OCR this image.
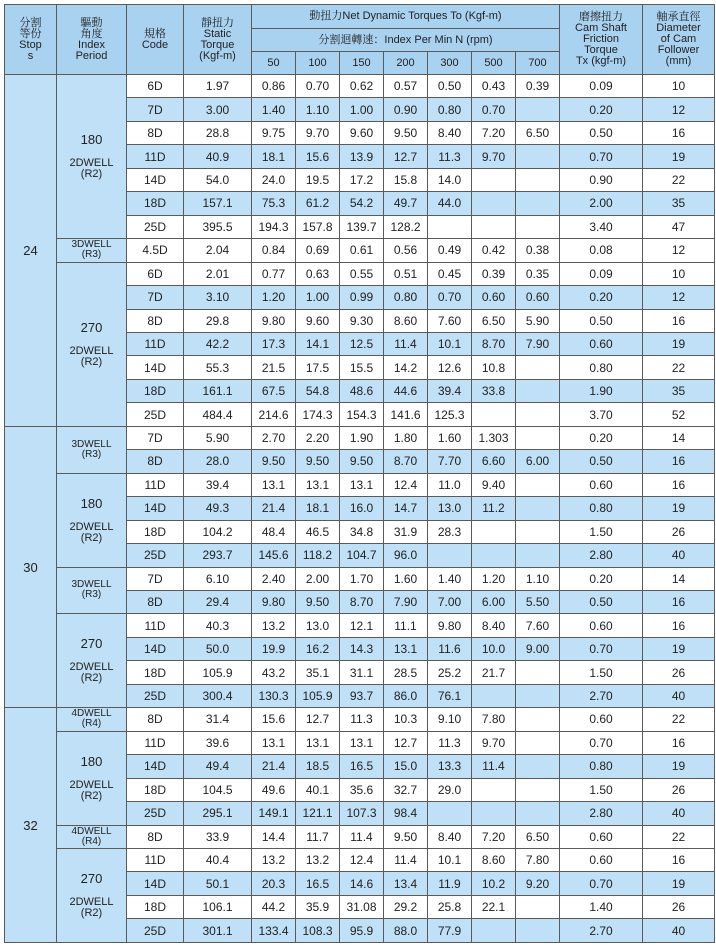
分割
等份
Stop
s	驅動
角度
Index
Period	規格
Code	靜扭力
Static
Torque
(Kgf-m)	動扭力Net Dynamic Torques To (Kgf-m)							磨擦扭力
Cam Shaft
Friction
Torque
Tx (kgf-m)	軸承直徑
Diameter
of Cam
Follower
(mm)

				分割迴轉速：Index Per Min N (rpm)								
				50	100	150	200	300	500	700		
24	180
2DWELL
(R2)	6D	1.97	0.86	0.70	0.62	0.57	0.50	0.43	0.39	0.09	10
		7D	3.00	1.40	1.10	1.00	0.90	0.80	0.70		0.20	12
		8D	28.8	9.75	9.70	9.60	9.50	8.40	7.20	6.50	0.50	16
		11D	40.9	18.1	15.6	13.9	12.7	11.3	9.70		0.70	19
		14D	54.0	24.0	19.5	17.2	15.8	14.0			0.90	22
		18D	157.1	75.3	61.2	54.2	49.7	44.0			2.00	35
		25D	395.5	194.3	157.8	139.7	128.2				3.40	47

	3DWELL
(R3)	4.5D	2.04	0.84	0.69	0.61	0.56	0.49	0.42	0.38	0.08	12

	270
2DWELL
(R2)	6D	2.01	0.77	0.63	0.55	0.51	0.45	0.39	0.35	0.09	10
		7D	3.10	1.20	1.00	0.99	0.80	0.70	0.60	0.60	0.20	12
		8D	29.8	9.80	9.60	9.30	8.60	7.60	6.50	5.90	0.50	16
		11D	42.2	17.3	14.1	12.5	11.4	10.1	8.70	7.90	0.60	19
		14D	55.3	21.5	17.5	15.5	14.2	12.6	10.8		0.80	22
		18D	161.1	67.5	54.8	48.6	44.6	39.4	33.8		1.90	35
		25D	484.4	214.6	174.3	154.3	141.6	125.3			3.70	52
30	3DWELL
(R3)	7D	5.90	2.70	2.20	1.90	1.80	1.60	1.303		0.20	14
		8D	28.0	9.50	9.50	9.50	8.70	7.70	6.60	6.00	0.50	16

	180
2DWELL
(R2)	11D	39.4	13.1	13.1	13.1	12.4	11.0	9.40		0.60	16
		14D	49.3	21.4	18.1	16.0	14.7	13.0	11.2		0.80	19
		18D	104.2	48.4	46.5	34.8	31.9	28.3			1.50	26
		25D	293.7	145.6	118.2	104.7	96.0				2.80	40

	3DWELL
(R3)	7D	6.10	2.40	2.00	1.70	1.60	1.40	1.20	1.10	0.20	14
		8D	29.4	9.80	9.50	8.70	7.90	7.00	6.00	5.50	0.50	16

	270
2DWELL
(R2)	11D	40.3	13.2	13.0	12.1	11.1	9.80	8.40	7.60	0.60	16
		14D	50.0	19.9	16.2	14.3	13.1	11.6	10.0	9.00	0.70	19
		18D	105.9	43.2	35.1	31.1	28.5	25.2	21.7		1.50	26
		25D	300.4	130.3	105.9	93.7	86.0	76.1			2.70	40
32	4DWELL
(R4)	8D	31.4	15.6	12.7	11.3	10.3	9.10	7.80		0.60	22

	180
2DWELL
(R2)	11D	39.6	13.1	13.1	13.1	12.7	11.3	9.70		0.70	16
		14D	49.4	21.4	18.5	16.5	15.0	13.3	11.4		0.80	19
		18D	104.5	49.6	40.1	35.6	32.7	29.0			1.50	26
		25D	295.1	149.1	121.1	107.3	98.4				2.80	40

	4DWELL
(R4)	8D	33.9	14.4	11.7	11.4	9.50	8.40	7.20	6.50	0.60	22

	270
2DWELL
(R2)	11D	40.4	13.2	13.2	12.4	11.4	10.1	8.60	7.80	0.60	16
		14D	50.1	20.3	16.5	14.6	13.4	11.9	10.2	9.20	0.70	19
		18D	106.1	44.2	35.9	31.08	29.2	25.8	22.1		1.40	26
		25D	301.1	133.4	108.3	95.9	88.0	77.9			2.70	40
